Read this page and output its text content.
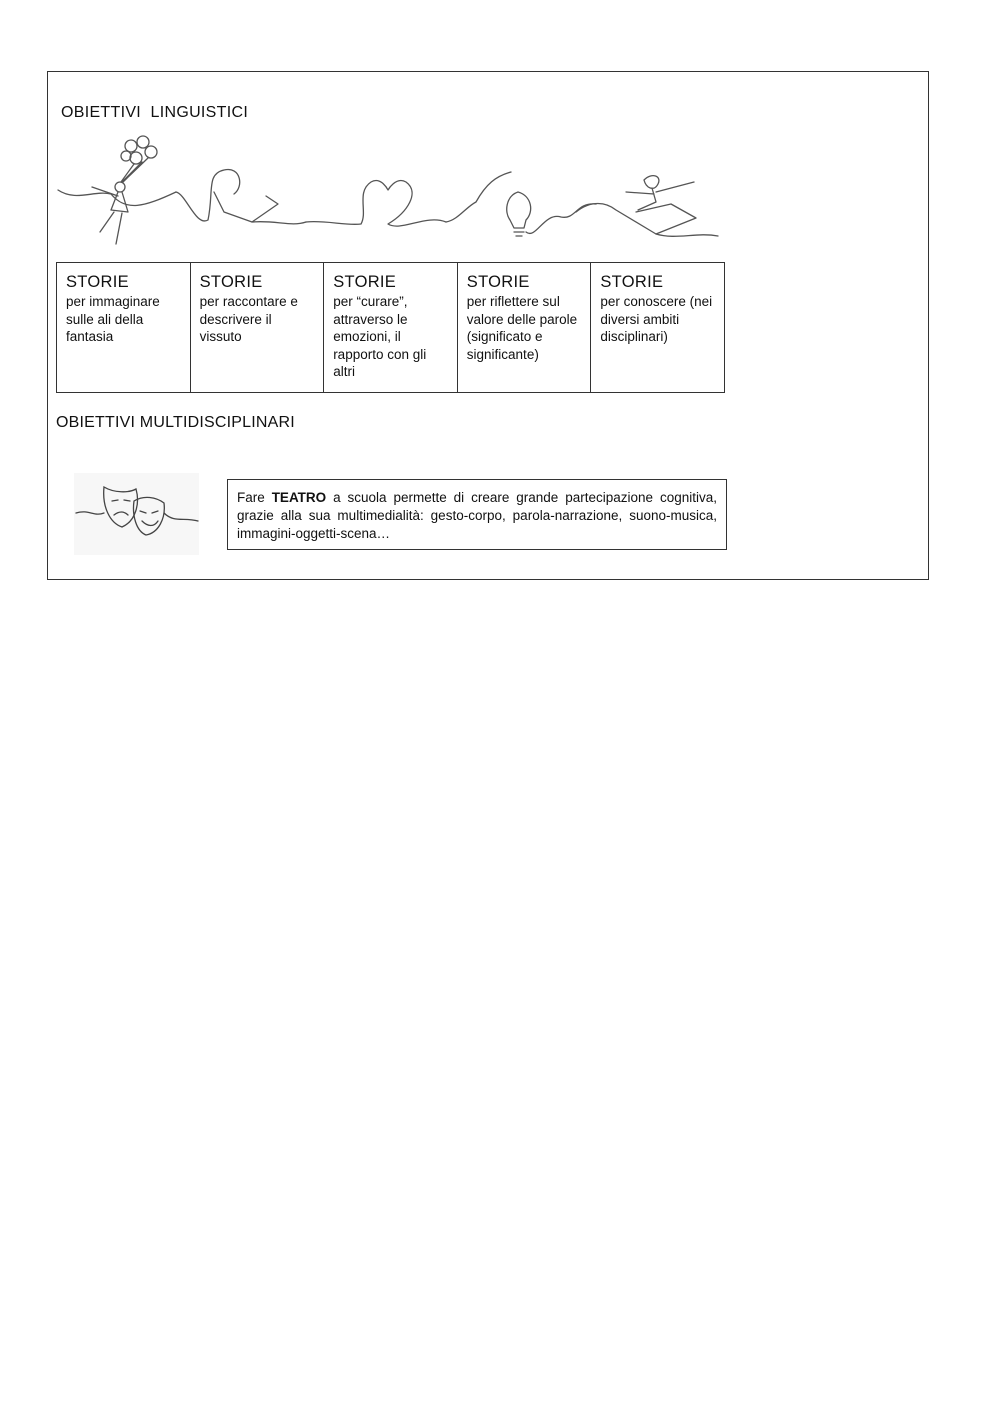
OBIETTIVI  LINGUISTICI
STORIE
per immaginare sulle ali della fantasia
STORIE
per raccontare e descrivere il vissuto
STORIE
per “curare”, attraverso le emozioni, il rapporto con gli altri
STORIE
per riflettere sul valore delle parole (significato e significante)
STORIE
per conoscere (nei diversi ambiti disciplinari)
OBIETTIVI MULTIDISCIPLINARI
Fare TEATRO a scuola permette di creare grande partecipazione cognitiva, grazie alla sua multimedialità: gesto-corpo, parola-narrazione, suono-musica, immagini-oggetti-scena…
